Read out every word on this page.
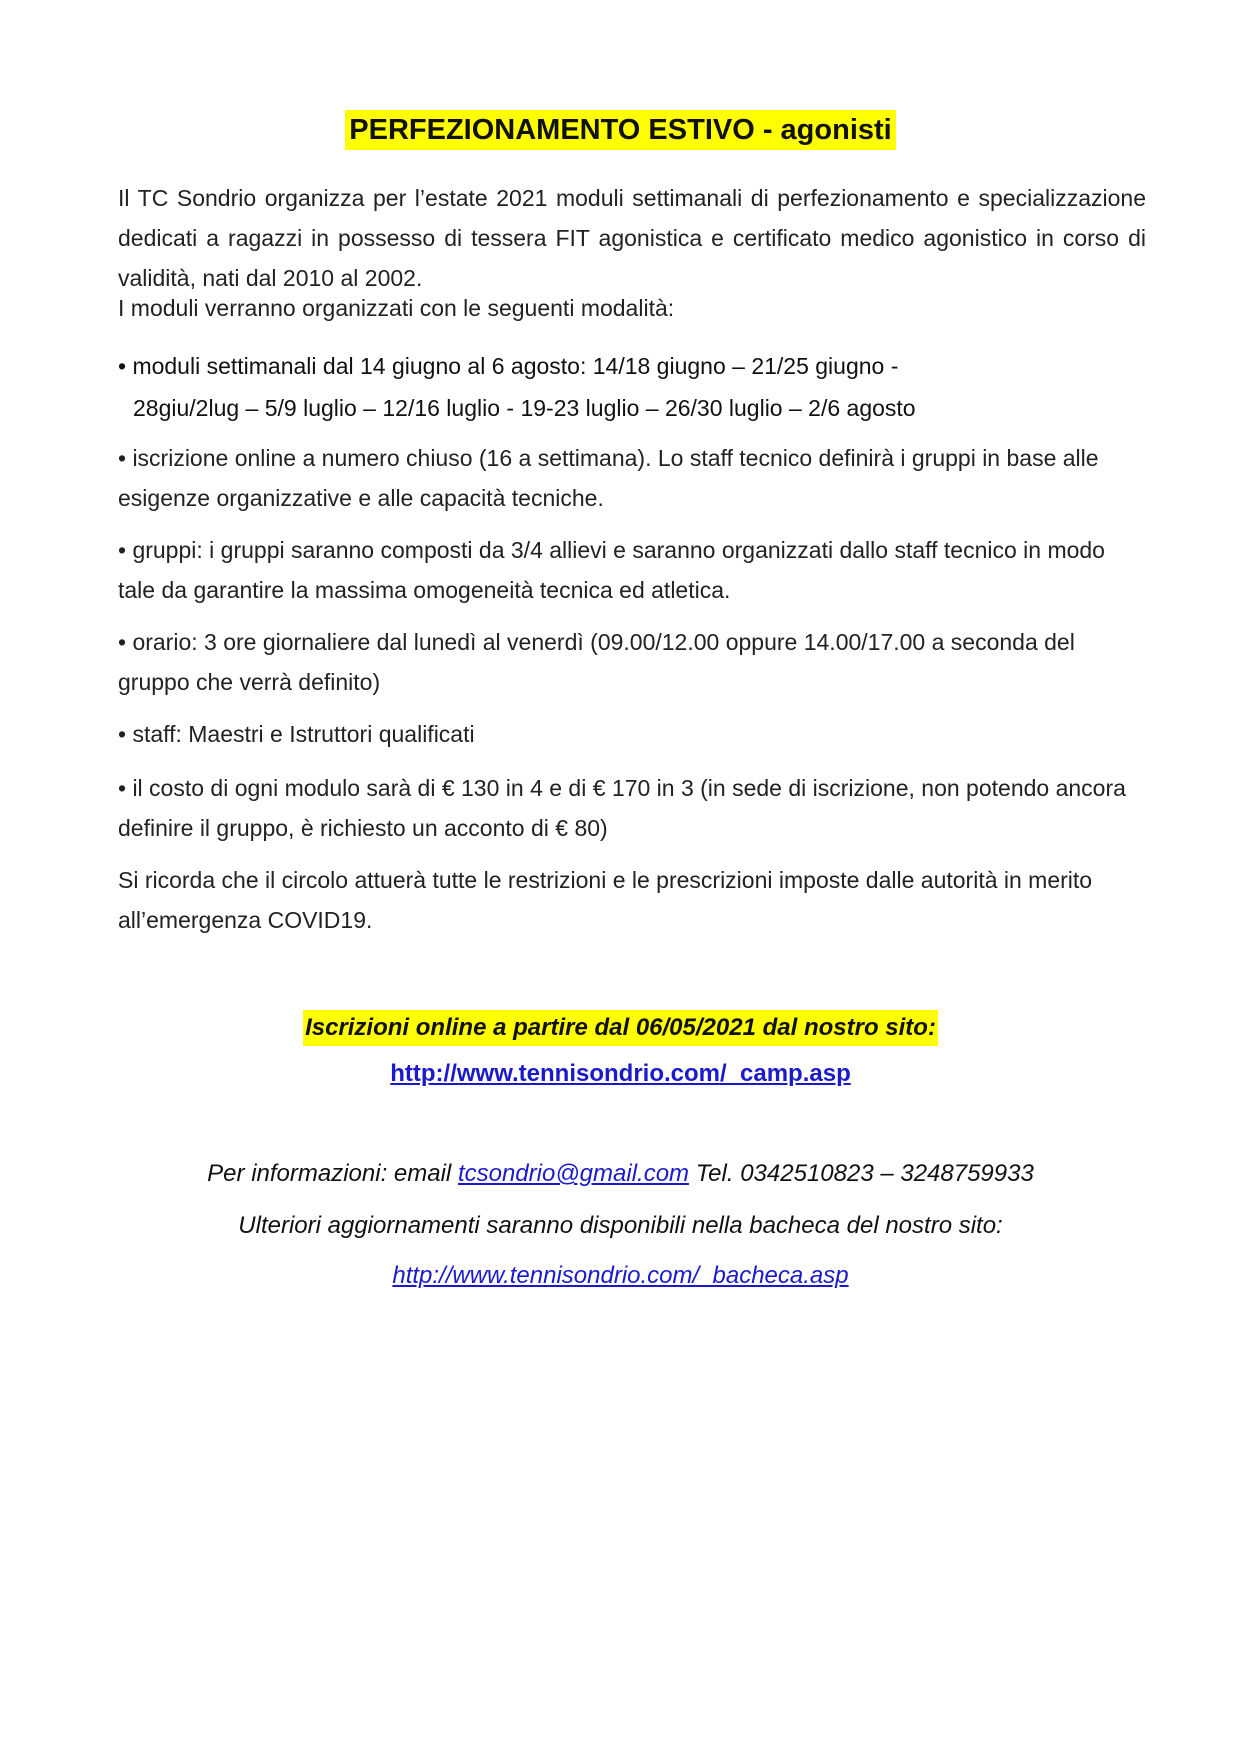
PERFEZIONAMENTO ESTIVO - agonisti
Il TC Sondrio organizza per l’estate 2021 moduli settimanali di perfezionamento e specializzazione dedicati a ragazzi in possesso di tessera FIT agonistica e certificato medico agonistico in corso di validità, nati dal 2010 al 2002.
I moduli verranno organizzati con le seguenti modalità:
• moduli settimanali dal 14 giugno al 6 agosto: 14/18 giugno – 21/25 giugno -
28giu/2lug – 5/9 luglio – 12/16 luglio - 19-23 luglio – 26/30 luglio – 2/6 agosto
• iscrizione online a numero chiuso (16 a settimana). Lo staff tecnico definirà i gruppi in base alle esigenze organizzative e alle capacità tecniche.
• gruppi: i gruppi saranno composti da 3/4 allievi e saranno organizzati dallo staff tecnico in modo tale da garantire la massima omogeneità tecnica ed atletica.
• orario: 3 ore giornaliere dal lunedì al venerdì (09.00/12.00 oppure 14.00/17.00 a seconda del gruppo che verrà definito)
• staff: Maestri e Istruttori qualificati
• il costo di ogni modulo sarà di € 130 in 4 e di € 170 in 3 (in sede di iscrizione, non potendo ancora definire il gruppo, è richiesto un acconto di € 80)
Si ricorda che il circolo attuerà tutte le restrizioni e le prescrizioni imposte dalle autorità in merito all’emergenza COVID19.
Iscrizioni online a partire dal 06/05/2021 dal nostro sito:
http://www.tennisondrio.com/_camp.asp
Per informazioni: email tcsondrio@gmail.com Tel. 0342510823 – 3248759933
Ulteriori aggiornamenti saranno disponibili nella bacheca del nostro sito:
http://www.tennisondrio.com/_bacheca.asp
